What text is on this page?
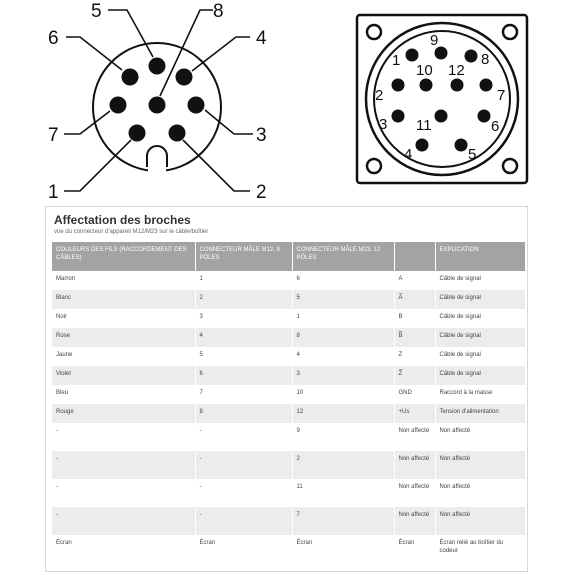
1	2
3
4
5
6
7
8
1
2
3
4	5
6
7
8
9
10
11
12
Affectation des broches
vue du connecteur d'appareil M12/M23 sur le câble/boîtier
COULEURS DES FILS (RACCORDEMENT DES CÂBLES)	CONNECTEUR MÂLE M12, 8 PÔLES	CONNECTEUR MÂLE M23, 12 PÔLES		EXPLICATION
Marron	1	6	A	Câble de signal
Blanc	2	5	A̅	Câble de signal
Noir	3	1	B	Câble de signal
Rose	4	8	B̅	Câble de signal
Jaune	5	4	Z	Câble de signal
Violet	6	3	Z̅	Câble de signal
Bleu	7	10	GND	Raccord à la masse
Rouge	8	12	+Us	Tension d'alimentation
-	-	9	Non affecté	Non affecté
-	-	2	Non affecté	Non affecté
-	-	11	Non affecté	Non affecté
-	-	7	Non affecté	Non affecté
Écran	Écran	Écran	Écran	Écran relié au boîtier du codeur
